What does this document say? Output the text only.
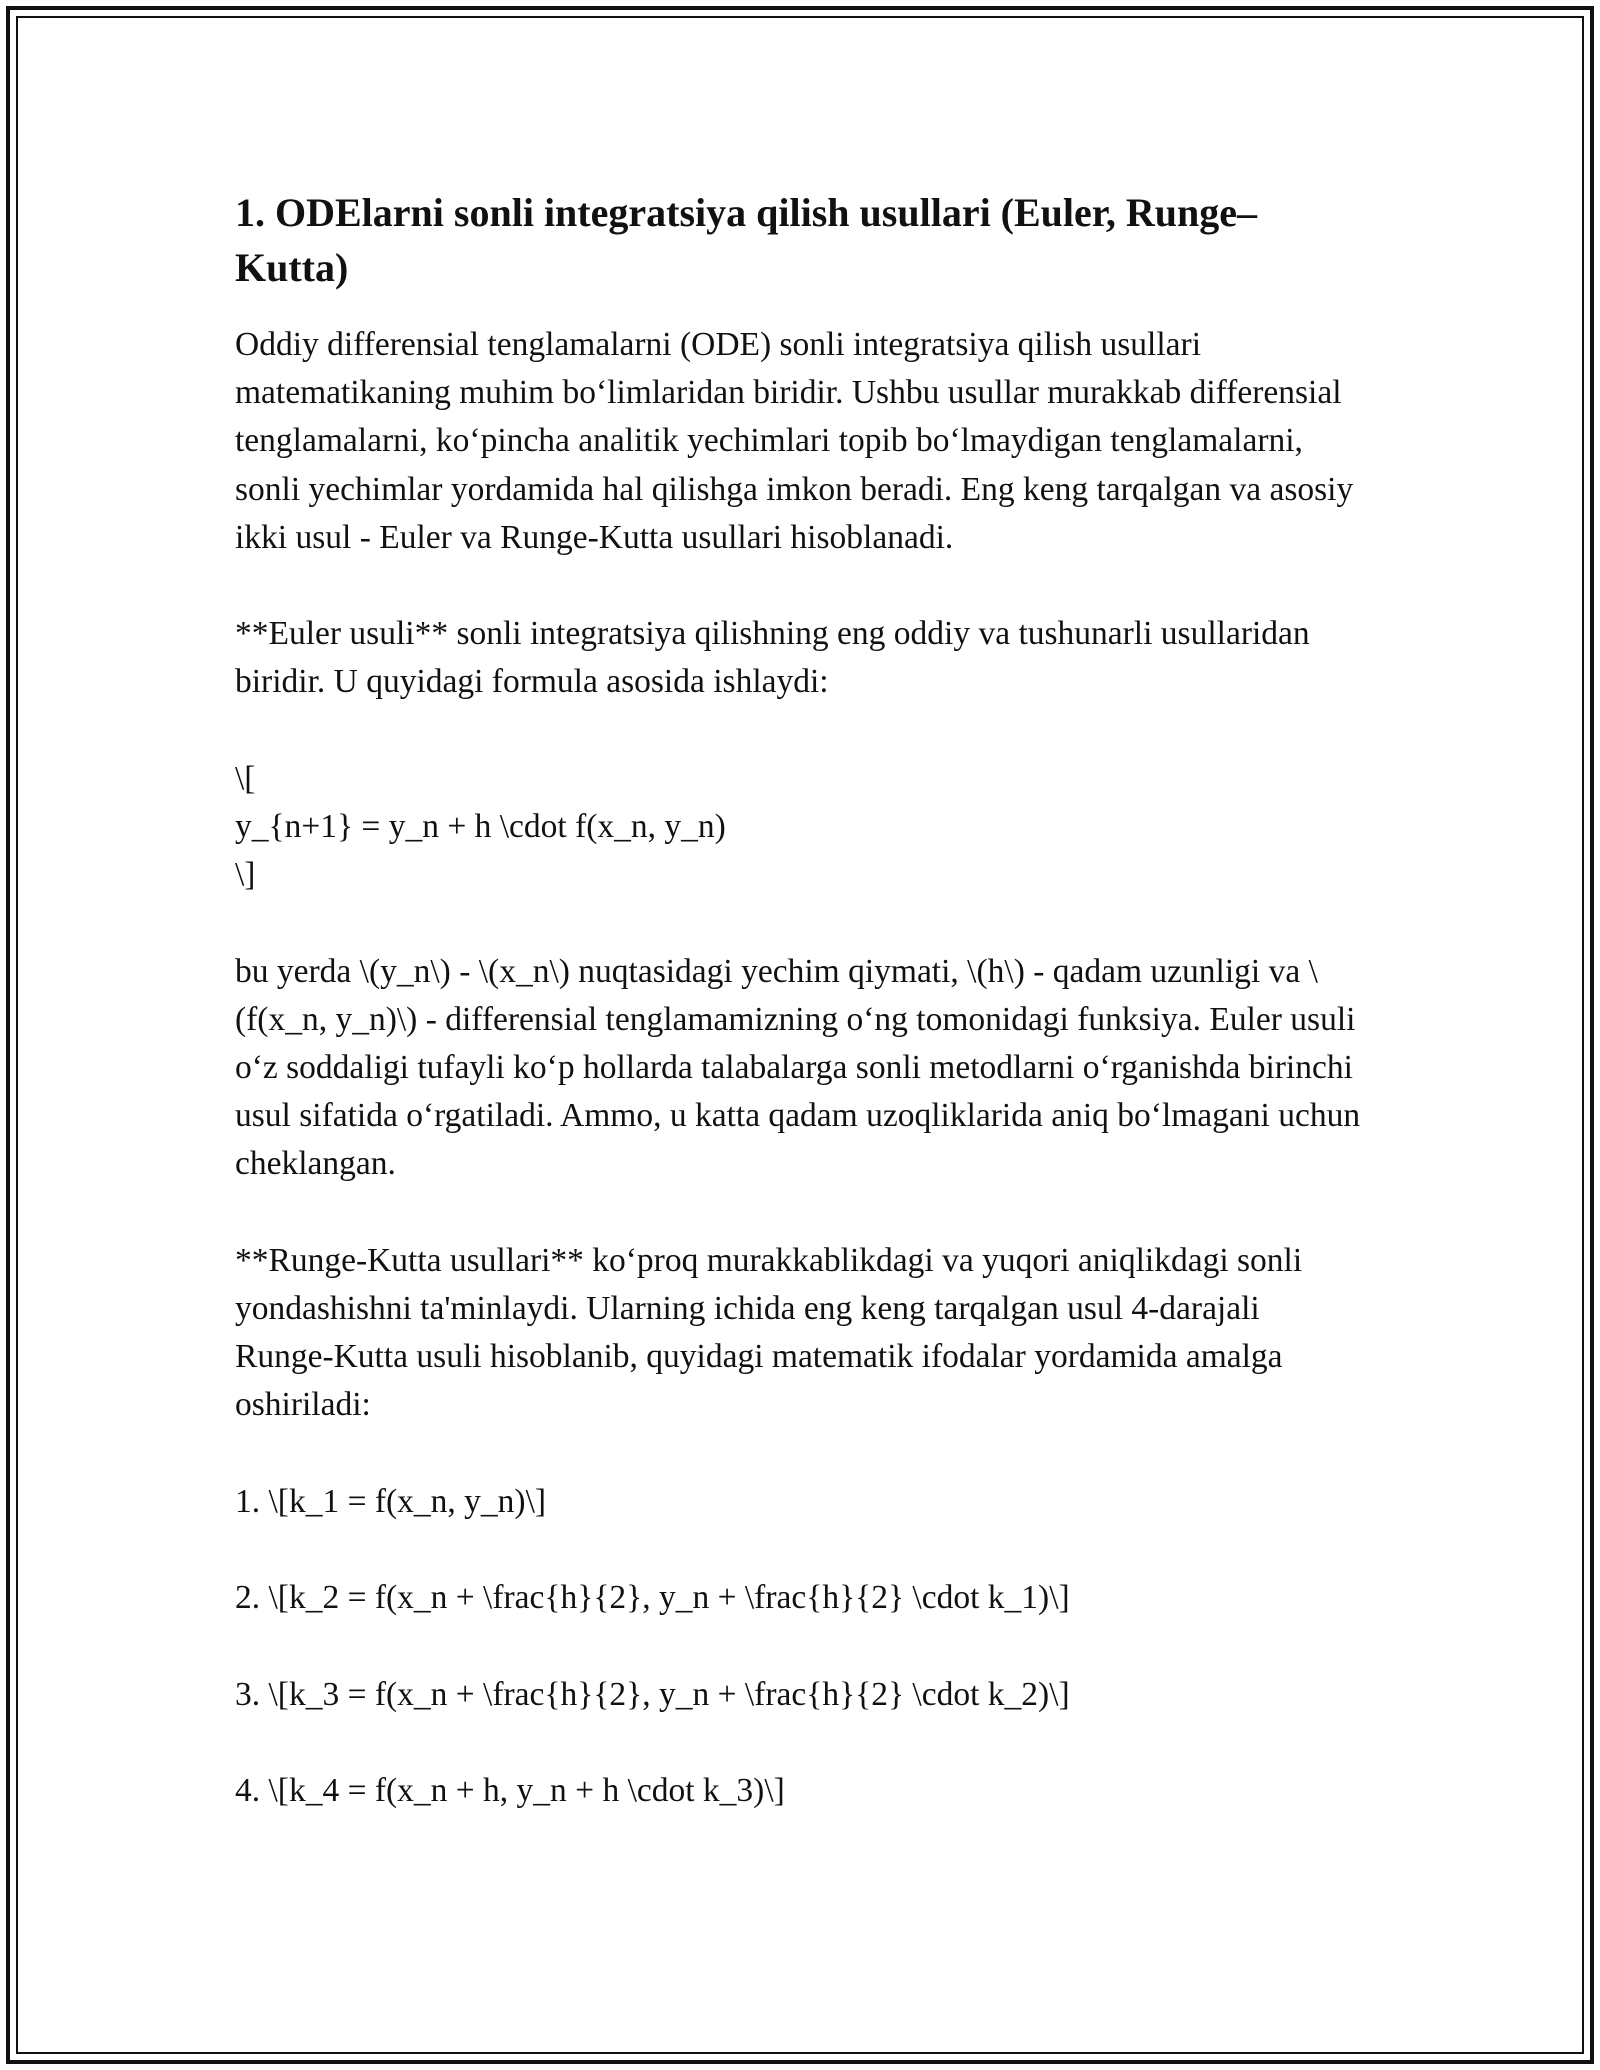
1. ODElarni sonli integratsiya qilish usullari (Euler, Runge–Kutta)

Oddiy differensial tenglamalarni (ODE) sonli integratsiya qilish usullari matematikaning muhim bo‘limlaridan biridir. Ushbu usullar murakkab differensial tenglamalarni, ko‘pincha analitik yechimlari topib bo‘lmaydigan tenglamalarni, sonli yechimlar yordamida hal qilishga imkon beradi. Eng keng tarqalgan va asosiy ikki usul - Euler va Runge-Kutta usullari hisoblanadi.

**Euler usuli** sonli integratsiya qilishning eng oddiy va tushunarli usullaridan biridir. U quyidagi formula asosida ishlaydi:

\[

y_{n+1} = y_n + h \cdot f(x_n, y_n)

\]

bu yerda \(y_n\) - \(x_n\) nuqtasidagi yechim qiymati, \(h\) - qadam uzunligi va \(f(x_n, y_n)\) - differensial tenglamamizning o‘ng tomonidagi funksiya. Euler usuli o‘z soddaligi tufayli ko‘p hollarda talabalarga sonli metodlarni o‘rganishda birinchi usul sifatida o‘rgatiladi. Ammo, u katta qadam uzoqliklarida aniq bo‘lmagani uchun cheklangan.

**Runge-Kutta usullari** ko‘proq murakkablikdagi va yuqori aniqlikdagi sonli yondashishni ta'minlaydi. Ularning ichida eng keng tarqalgan usul 4-darajali Runge-Kutta usuli hisoblanib, quyidagi matematik ifodalar yordamida amalga oshiriladi:

1. \[k_1 = f(x_n, y_n)\]

2. \[k_2 = f(x_n + \frac{h}{2}, y_n + \frac{h}{2} \cdot k_1)\]

3. \[k_3 = f(x_n + \frac{h}{2}, y_n + \frac{h}{2} \cdot k_2)\]

4. \[k_4 = f(x_n + h, y_n + h \cdot k_3)\]
